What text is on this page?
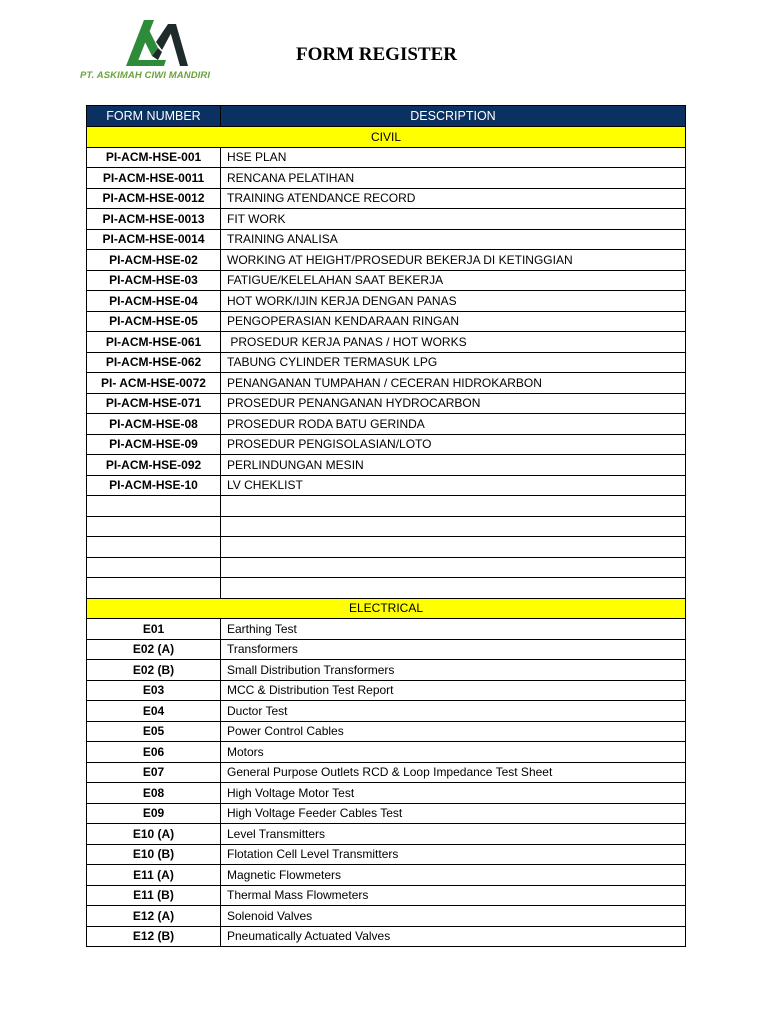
PT. ASKIMAH CIWI MANDIRI
FORM REGISTER
FORM NUMBER	DESCRIPTION
CIVIL	
PI-ACM-HSE-001	HSE PLAN
PI-ACM-HSE-0011	RENCANA PELATIHAN
PI-ACM-HSE-0012	TRAINING ATENDANCE RECORD
PI-ACM-HSE-0013	FIT WORK
PI-ACM-HSE-0014	TRAINING ANALISA
PI-ACM-HSE-02	WORKING AT HEIGHT/PROSEDUR BEKERJA DI KETINGGIAN
PI-ACM-HSE-03	FATIGUE/KELELAHAN SAAT BEKERJA
PI-ACM-HSE-04	HOT WORK/IJIN KERJA DENGAN PANAS
PI-ACM-HSE-05	PENGOPERASIAN KENDARAAN RINGAN
PI-ACM-HSE-061	PROSEDUR KERJA PANAS / HOT WORKS
PI-ACM-HSE-062	TABUNG CYLINDER TERMASUK LPG
PI- ACM-HSE-0072	PENANGANAN TUMPAHAN / CECERAN HIDROKARBON
PI-ACM-HSE-071	PROSEDUR PENANGANAN HYDROCARBON
PI-ACM-HSE-08	PROSEDUR RODA BATU GERINDA
PI-ACM-HSE-09	PROSEDUR PENGISOLASIAN/LOTO
PI-ACM-HSE-092	PERLINDUNGAN MESIN
PI-ACM-HSE-10	LV CHEKLIST

ELECTRICAL	
E01	Earthing Test
E02 (A)	Transformers
E02 (B)	Small Distribution Transformers
E03	MCC & Distribution Test Report
E04	Ductor Test
E05	Power Control Cables
E06	Motors
E07	General Purpose Outlets RCD & Loop Impedance Test Sheet
E08	High Voltage Motor Test
E09	High Voltage Feeder Cables Test
E10 (A)	Level Transmitters
E10 (B)	Flotation Cell Level Transmitters
E11 (A)	Magnetic Flowmeters
E11 (B)	Thermal Mass Flowmeters
E12 (A)	Solenoid Valves
E12 (B)	Pneumatically Actuated Valves
